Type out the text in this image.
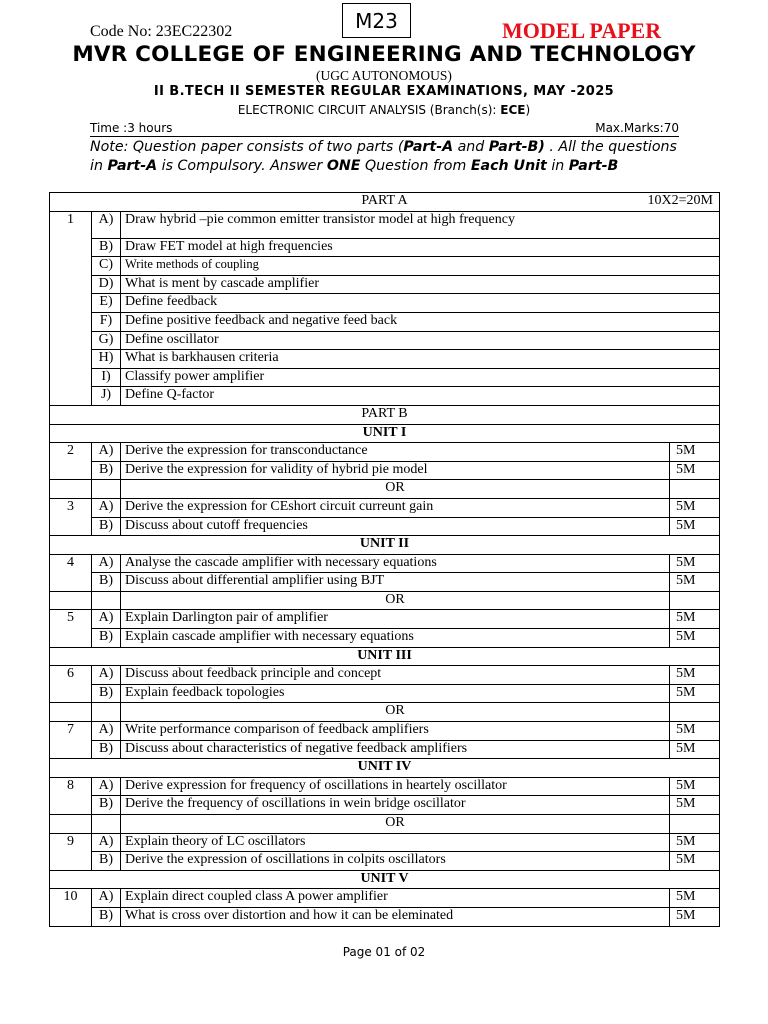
Code No: 23EC22302	M23	MODEL PAPER
MVR COLLEGE OF ENGINEERING AND TECHNOLOGY
(UGC AUTONOMOUS)
II B.TECH II SEMESTER REGULAR EXAMINATIONS, MAY -2025
ELECTRONIC CIRCUIT ANALYSIS (Branch(s): ECE)
Time :3 hours	Max.Marks:70
Note: Question paper consists of two parts (Part-A and Part-B) . All the questions in Part-A is Compulsory. Answer ONE Question from Each Unit in Part-B
PART A 10X2=20M			

1	A)	Draw hybrid –pie common emitter transistor model at high frequency	
	B)	Draw FET model at high frequencies	
	C)	Write methods of coupling	
	D)	What is ment by cascade amplifier	
	E)	Define feedback	
	F)	Define positive feedback and negative feed back	
	G)	Define oscillator	
	H)	What is barkhausen criteria	
	I)	Classify power amplifier	
	J)	Define Q-factor	
PART B			
UNIT I			
2	A)	Derive the expression for transconductance	5M
	B)	Derive the expression for validity of hybrid pie model	5M
		OR	
3	A)	Derive the expression for CEshort circuit curreunt gain	5M
	B)	Discuss about cutoff frequencies	5M
UNIT II			
4	A)	Analyse the cascade amplifier with necessary equations	5M
	B)	Discuss about differential amplifier using BJT	5M
		OR	
5	A)	Explain Darlington pair of amplifier	5M
	B)	Explain cascade amplifier with necessary equations	5M
UNIT III			
6	A)	Discuss about feedback principle and concept	5M
	B)	Explain feedback topologies	5M
		OR	
7	A)	Write performance comparison of feedback amplifiers	5M
	B)	Discuss about characteristics of negative feedback amplifiers	5M
UNIT IV			
8	A)	Derive expression for frequency of oscillations in heartely oscillator	5M
	B)	Derive the frequency of oscillations in wein bridge oscillator	5M
		OR	
9	A)	Explain theory of LC oscillators	5M
	B)	Derive the expression of oscillations in colpits oscillators	5M
UNIT V			
10	A)	Explain direct coupled class A power amplifier	5M
	B)	What is cross over distortion and how it can be eleminated	5M
Page 01 of 02
